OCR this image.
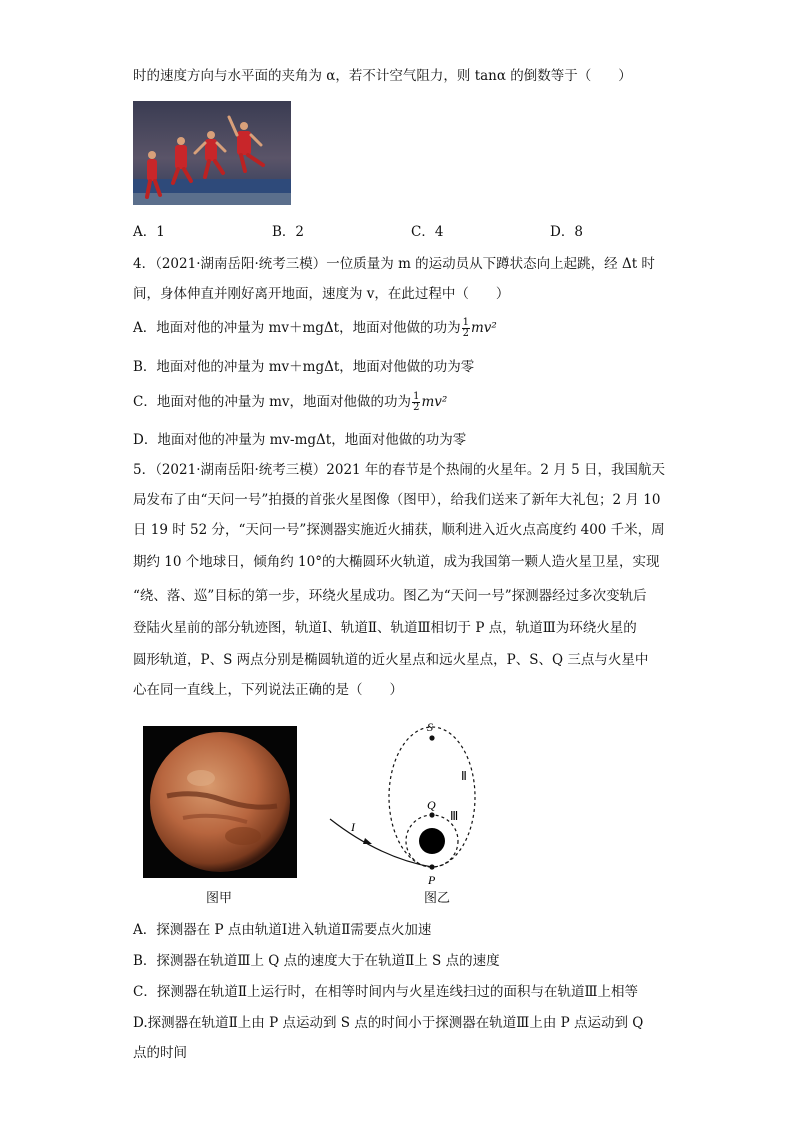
时的速度方向与水平面的夹角为 α，若不计空气阻力，则 tanα 的倒数等于（　　）
A．1	B．2	C．4	D．8
4．（2021·湖南岳阳·统考三模）一位质量为 m 的运动员从下蹲状态向上起跳，经 Δt 时
间，身体伸直并刚好离开地面，速度为 v，在此过程中（　　）
A．地面对他的冲量为 mv＋mgΔt，地面对他做的功为 $\frac{1}{2} mv^2$
B．地面对他的冲量为 mv＋mgΔt，地面对他做的功为零
C．地面对他的冲量为 mv，地面对他做的功为 $\frac{1}{2} mv^2$
D．地面对他的冲量为 mv-mgΔt，地面对他做的功为零
5．（2021·湖南岳阳·统考三模）2021 年的春节是个热闹的火星年。2 月 5 日，我国航天
局发布了由“天问一号”拍摄的首张火星图像（图甲），给我们送来了新年大礼包；2 月 10
日 19 时 52 分，“天问一号”探测器实施近火捕获，顺利进入近火点高度约 400 千米，周
期约 10 个地球日，倾角约 10°的大椭圆环火轨道，成为我国第一颗人造火星卫星，实现
“绕、落、巡”目标的第一步，环绕火星成功。图乙为“天问一号”探测器经过多次变轨后
登陆火星前的部分轨迹图，轨道Ⅰ、轨道Ⅱ、轨道Ⅲ相切于 P 点，轨道Ⅲ为环绕火星的
圆形轨道，P、S 两点分别是椭圆轨道的近火星点和远火星点，P、S、Q 三点与火星中
心在同一直线上，下列说法正确的是（　　）
图甲
S
Q
P
I
Ⅱ
Ⅲ
图乙
A．探测器在 P 点由轨道Ⅰ进入轨道Ⅱ需要点火加速
B．探测器在轨道Ⅲ上 Q 点的速度大于在轨道Ⅱ上 S 点的速度
C．探测器在轨道Ⅱ上运行时，在相等时间内与火星连线扫过的面积与在轨道Ⅲ上相等
D.探测器在轨道Ⅱ上由 P 点运动到 S 点的时间小于探测器在轨道Ⅲ上由 P 点运动到 Q
点的时间
